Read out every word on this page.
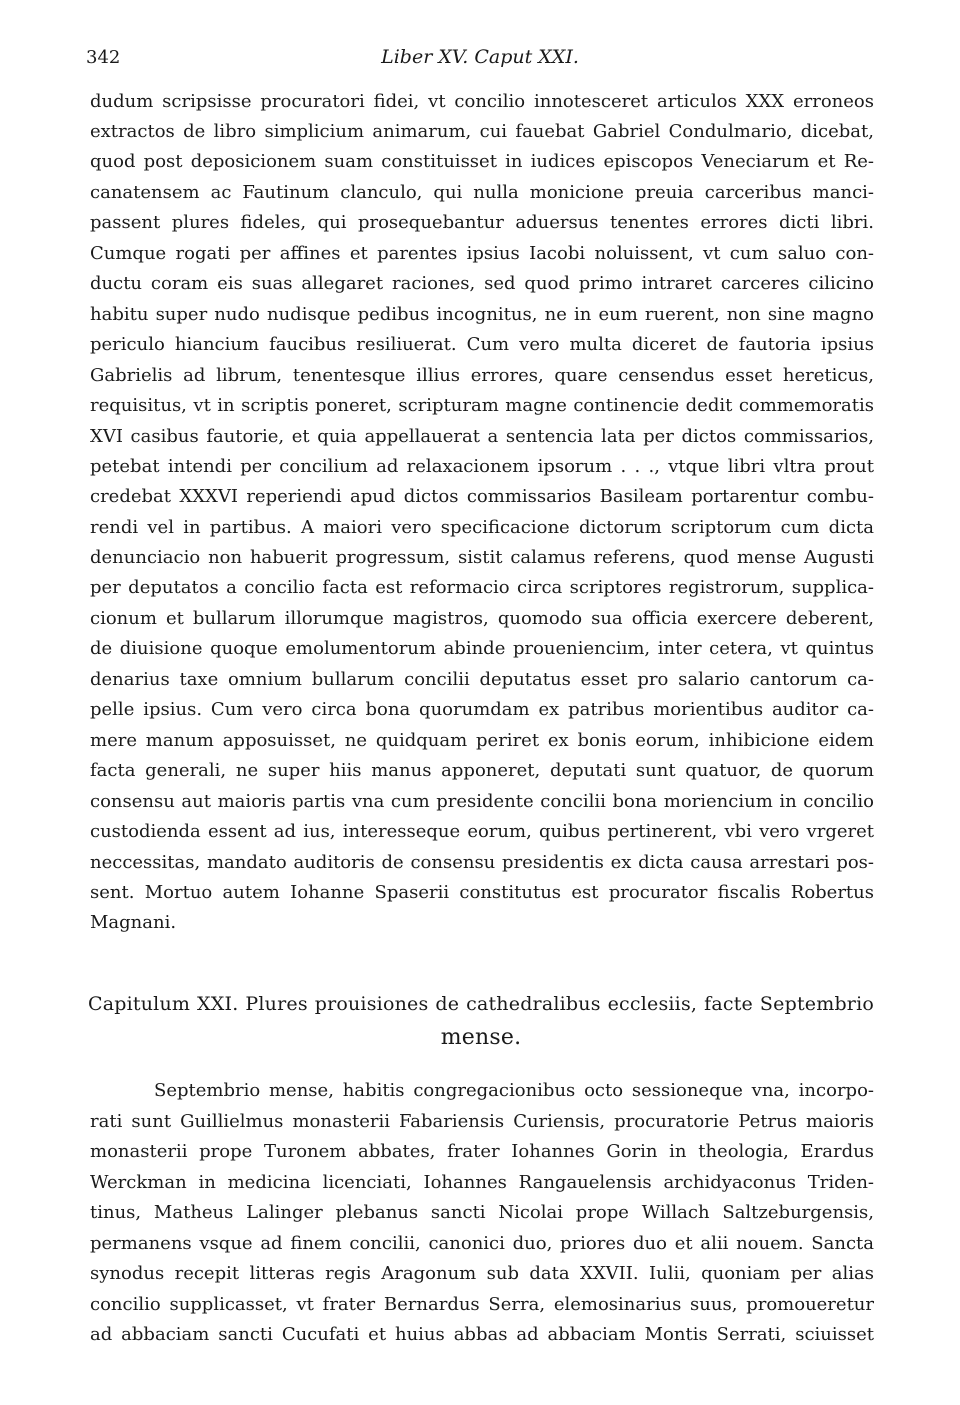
342	Liber XV. Caput XXI.
dudum scripsisse procuratori fidei, vt concilio innotesceret articulos XXX erroneos
extractos de libro simplicium animarum, cui fauebat Gabriel Condulmario, dicebat,
quod post deposicionem suam constituisset in iudices episcopos Veneciarum et Re-
canatensem ac Fautinum clanculo, qui nulla monicione preuia carceribus manci-
passent plures fideles, qui prosequebantur aduersus tenentes errores dicti libri.
Cumque rogati per affines et parentes ipsius Iacobi noluissent, vt cum saluo con-
ductu coram eis suas allegaret raciones, sed quod primo intraret carceres cilicino
habitu super nudo nudisque pedibus incognitus, ne in eum ruerent, non sine magno
periculo hiancium faucibus resiliuerat. Cum vero multa diceret de fautoria ipsius
Gabrielis ad librum, tenentesque illius errores, quare censendus esset hereticus,
requisitus, vt in scriptis poneret, scripturam magne continencie dedit commemoratis
XVI casibus fautorie, et quia appellauerat a sentencia lata per dictos commissarios,
petebat intendi per concilium ad relaxacionem ipsorum . . ., vtque libri vltra prout
credebat XXXVI reperiendi apud dictos commissarios Basileam portarentur combu-
rendi vel in partibus. A maiori vero specificacione dictorum scriptorum cum dicta
denunciacio non habuerit progressum, sistit calamus referens, quod mense Augusti
per deputatos a concilio facta est reformacio circa scriptores registrorum, supplica-
cionum et bullarum illorumque magistros, quomodo sua officia exercere deberent,
de diuisione quoque emolumentorum abinde prouenienciım, inter cetera, vt quintus
denarius taxe omnium bullarum concilii deputatus esset pro salario cantorum ca-
pelle ipsius. Cum vero circa bona quorumdam ex patribus morientibus auditor ca-
mere manum apposuisset, ne quidquam periret ex bonis eorum, inhibicione eidem
facta generali, ne super hiis manus apponeret, deputati sunt quatuor, de quorum
consensu aut maioris partis vna cum presidente concilii bona moriencium in concilio
custodienda essent ad ius, interesseque eorum, quibus pertinerent, vbi vero vrgeret
neccessitas, mandato auditoris de consensu presidentis ex dicta causa arrestari pos-
sent. Mortuo autem Iohanne Spaserii constitutus est procurator fiscalis Robertus
Magnani.
Capitulum XXI. Plures prouisiones de cathedralibus ecclesiis, facte Septembrio
mense.
Septembrio mense, habitis congregacionibus octo sessioneque vna, incorpo-
rati sunt Guillielmus monasterii Fabariensis Curiensis, procuratorie Petrus maioris
monasterii prope Turonem abbates, frater Iohannes Gorin in theologia, Erardus
Werckman in medicina licenciati, Iohannes Rangauelensis archidyaconus Triden-
tinus, Matheus Lalinger plebanus sancti Nicolai prope Willach Saltzeburgensis,
permanens vsque ad finem concilii, canonici duo, priores duo et alii nouem. Sancta
synodus recepit litteras regis Aragonum sub data XXVII. Iulii, quoniam per alias
concilio supplicasset, vt frater Bernardus Serra, elemosinarius suus, promoueretur
ad abbaciam sancti Cucufati et huius abbas ad abbaciam Montis Serrati, sciuisset
